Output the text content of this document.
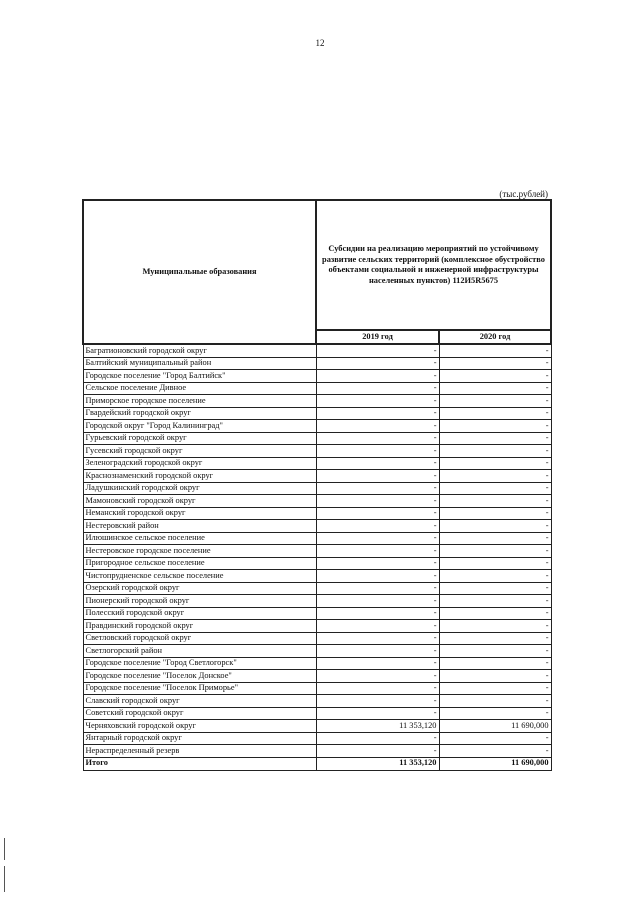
12
(тыс.рублей)
Муниципальные образования	Субсидии на реализацию мероприятий по устойчивому развитие сельских территорий (комплексное обустройство объектами социальной и инженерной инфраструктуры населенных пунктов) 112И5R5675	
	2019 год	2020 год
Багратионовский городской округ	-	-
Балтийский муниципальный район	-	-
Городское поселение "Город Балтийск"	-	-
Сельское поселение Дивное	-	-
Приморское городское поселение	-	-
Гвардейский городской округ	-	-
Городской округ "Город Калининград"	-	-
Гурьевский городской округ	-	-
Гусевский городской округ	-	-
Зеленоградский городской округ	-	-
Краснознаменский городской округ	-	-
Ладушкинский городской округ	-	-
Мамоновский городской округ	-	-
Неманский городской округ	-	-
Нестеровский район	-	-
Илюшинское сельское поселение	-	-
Нестеровское городское поселение	-	-
Пригородное сельское поселение	-	-
Чистопрудненское сельское поселение	-	-
Озерский городской округ	-	-
Пионерский городской округ	-	-
Полесский городской округ	-	-
Правдинский городской округ	-	-
Светловский городской округ	-	-
Светлогорский район	-	-
Городское поселение "Город Светлогорск"	-	-
Городское поселение "Поселок Донское"	-	-
Городское поселение "Поселок Приморье"	-	-
Славский городской округ	-	-
Советский городской округ	-	-
Черняховский городской округ	11 353,120	11 690,000
Янтарный городской округ	-	-
Нераспределенный резерв	-	-
Итого	11 353,120	11 690,000
